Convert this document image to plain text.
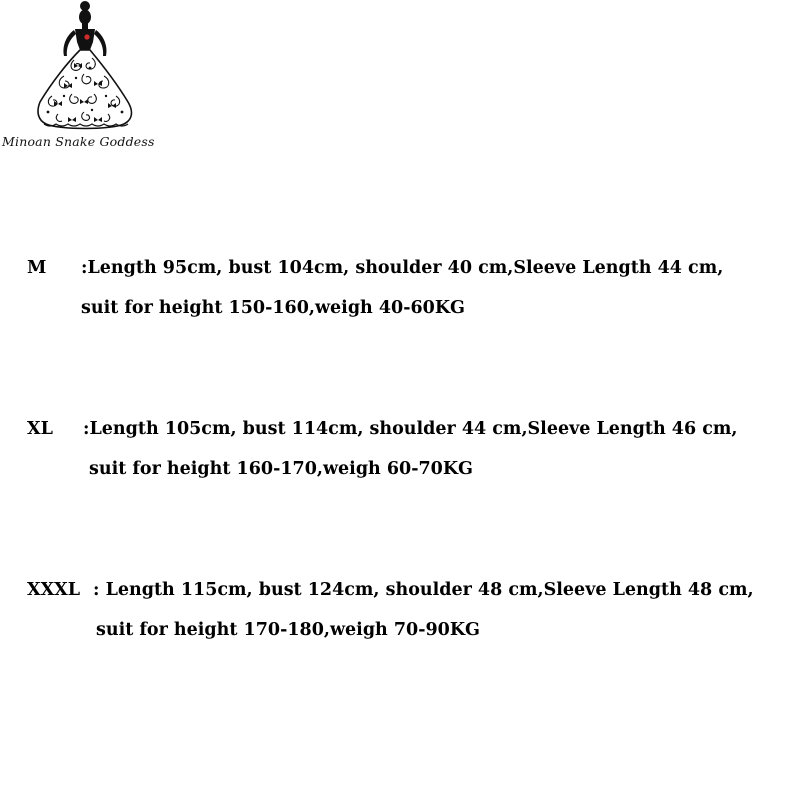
Minoan Snake Goddess
M :Length 95cm, bust 104cm, shoulder 40 cm,Sleeve Length 44 cm,
suit for height 150-160,weigh 40-60KG
XL :Length 105cm, bust 114cm, shoulder 44 cm,Sleeve Length 46 cm,
suit for height 160-170,weigh 60-70KG
XXXL : Length 115cm, bust 124cm, shoulder 48 cm,Sleeve Length 48 cm,
suit for height 170-180,weigh 70-90KG
